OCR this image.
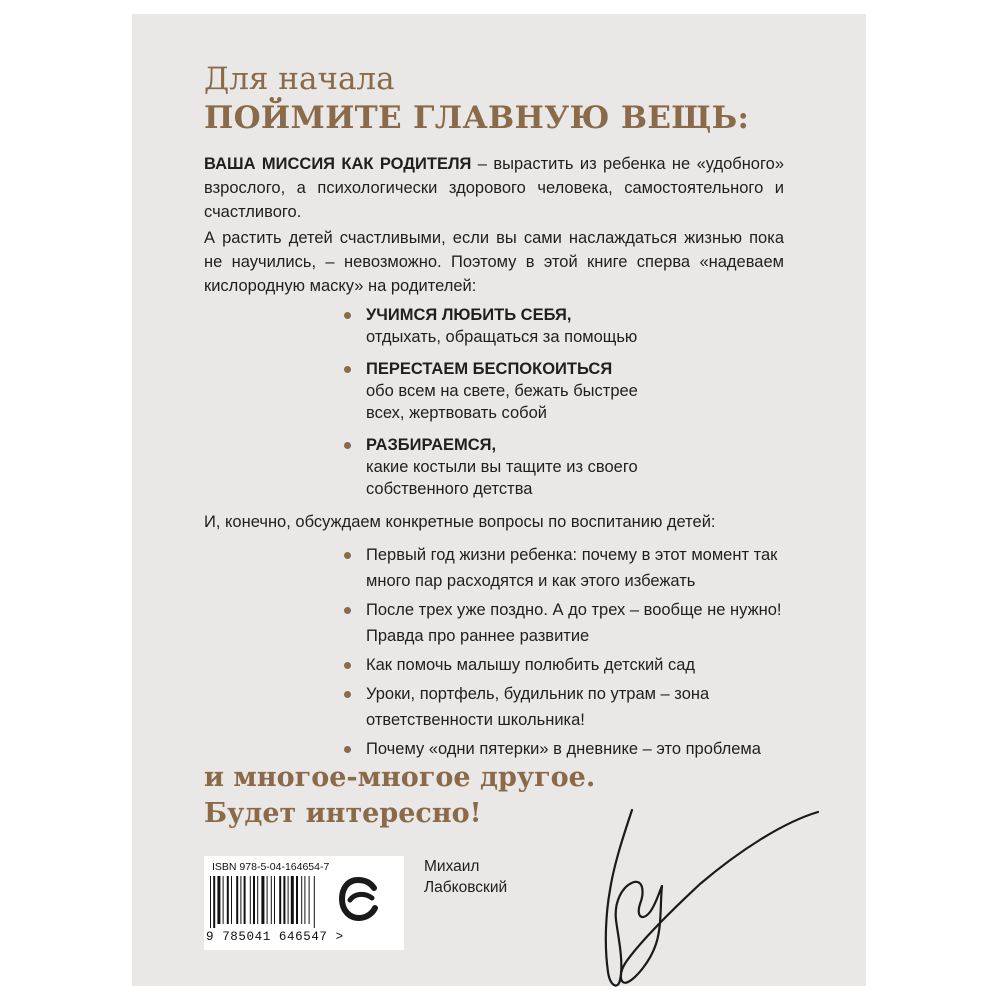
Для начала
ПОЙМИТЕ ГЛАВНУЮ ВЕЩЬ:

ВАША МИССИЯ КАК РОДИТЕЛЯ – вырастить из ребенка не «удобного» взрослого, а психологически здорового человека, самостоятельного и счастливого.

А растить детей счастливыми, если вы сами наслаждаться жизнью пока не научились, – невозможно. Поэтому в этой книге сперва «надеваем кислородную маску» на родителей:

УЧИМСЯ ЛЮБИТЬ СЕБЯ,
отдыхать, обращаться за помощью
ПЕРЕСТАЕМ БЕСПОКОИТЬСЯ
обо всем на свете, бежать быстрее всех, жертвовать собой
РАЗБИРАЕМСЯ,
какие костыли вы тащите из своего собственного детства

И, конечно, обсуждаем конкретные вопросы по воспитанию детей:

Первый год жизни ребенка: почему в этот момент так много пар расходятся и как этого избежать
После трех уже поздно. А до трех – вообще не нужно! Правда про раннее развитие
Как помочь малышу полюбить детский сад
Уроки, портфель, будильник по утрам – зона ответственности школьника!
Почему «одни пятерки» в дневнике – это проблема
и многое-многое другое.
Будет интересно!
ISBN 978-5-04-164654-7
9 785041 646547 >
Михаил
Лабковский
